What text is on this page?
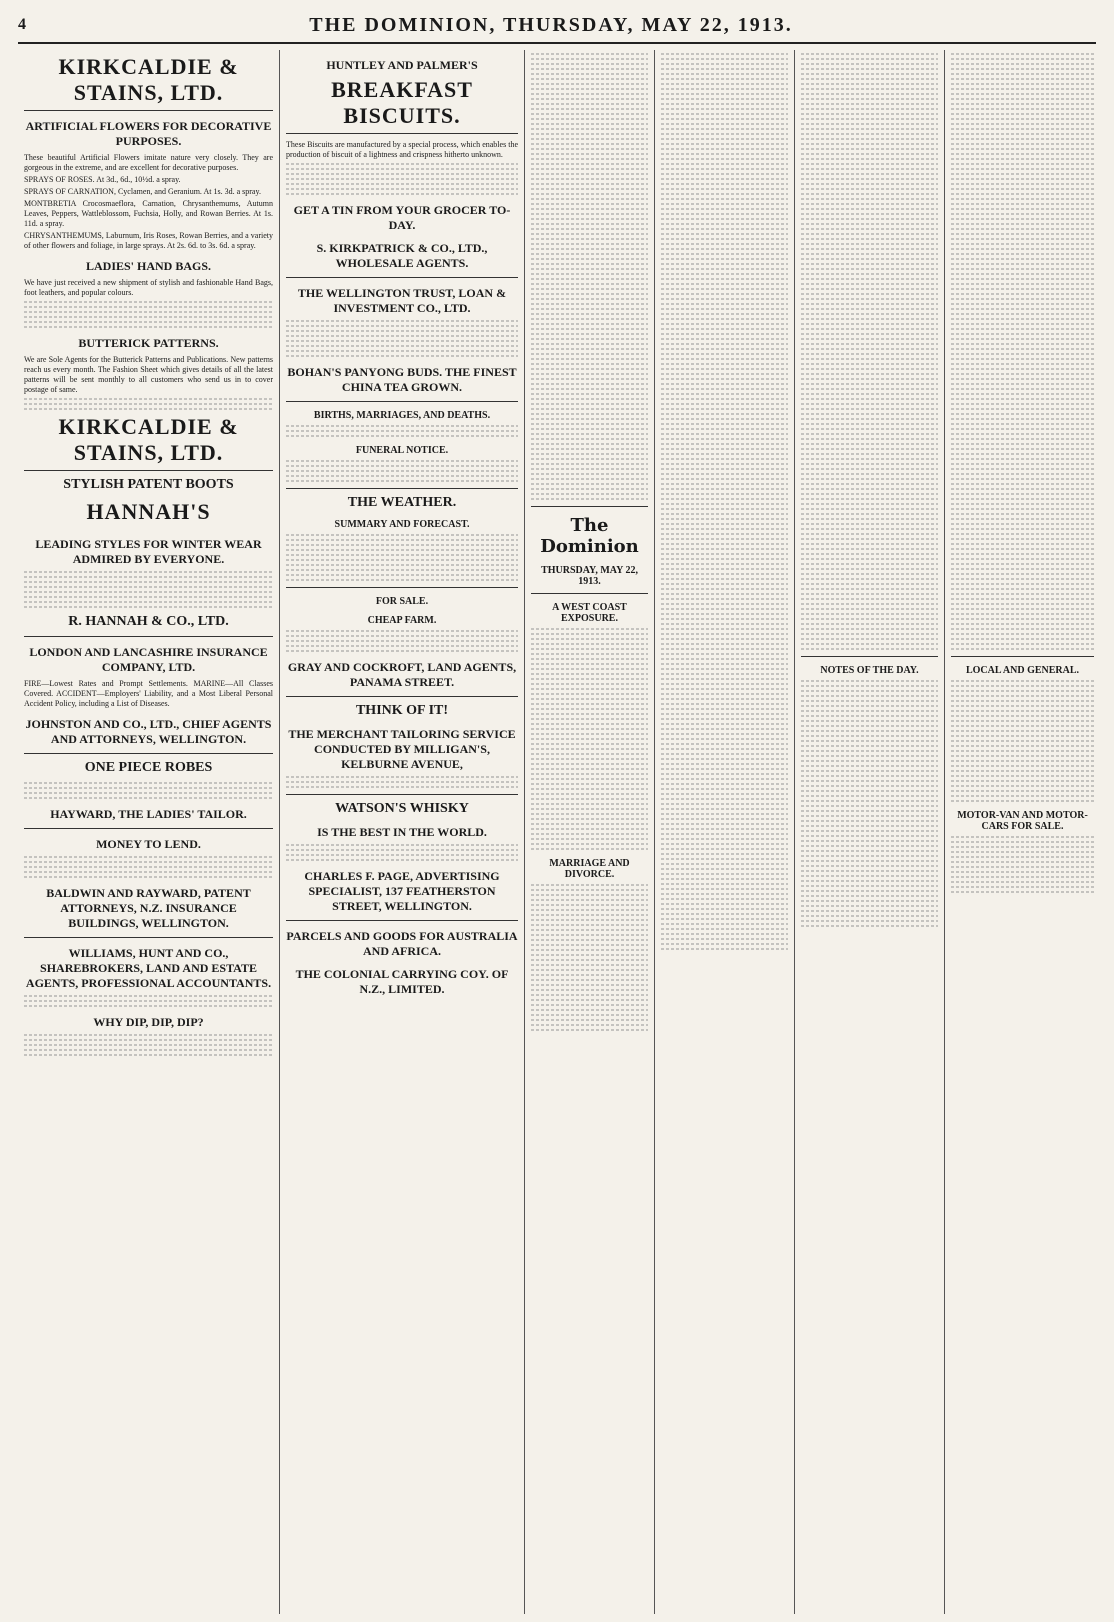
4	THE DOMINION, THURSDAY, MAY 22, 1913.
KIRKCALDIE & STAINS, LTD.
ARTIFICIAL FLOWERS FOR DECORATIVE PURPOSES.
These beautiful Artificial Flowers imitate nature very closely. They are gorgeous in the extreme, and are excellent for decorative purposes.
SPRAYS OF ROSES. At 3d., 6d., 10½d. a spray.
SPRAYS OF CARNATION, Cyclamen, and Geranium. At 1s. 3d. a spray.
MONTBRETIA Crocosmaeflora, Carnation, Chrysanthemums, Autumn Leaves, Peppers, Wattleblossom, Fuchsia, Holly, and Rowan Berries. At 1s. 11d. a spray.
CHRYSANTHEMUMS, Laburnum, Iris Roses, Rowan Berries, and a variety of other flowers and foliage, in large sprays. At 2s. 6d. to 3s. 6d. a spray.
LADIES' HAND BAGS.
We have just received a new shipment of stylish and fashionable Hand Bags, foot leathers, and popular colours.
BUTTERICK PATTERNS.
We are Sole Agents for the Butterick Patterns and Publications. New patterns reach us every month. The Fashion Sheet which gives details of all the latest patterns will be sent monthly to all customers who send us in to cover postage of same.
KIRKCALDIE & STAINS, LTD.
STYLISH PATENT BOOTS
HANNAH'S
LEADING STYLES FOR WINTER WEAR ADMIRED BY EVERYONE.
R. HANNAH & CO., LTD.
LONDON AND LANCASHIRE INSURANCE COMPANY, LTD.
FIRE—Lowest Rates and Prompt Settlements. MARINE—All Classes Covered. ACCIDENT—Employers' Liability, and a Most Liberal Personal Accident Policy, including a List of Diseases.
JOHNSTON AND CO., LTD., CHIEF AGENTS AND ATTORNEYS, WELLINGTON.
ONE PIECE ROBES
HAYWARD, THE LADIES' TAILOR.
MONEY TO LEND.
BALDWIN AND RAYWARD, PATENT ATTORNEYS, N.Z. INSURANCE BUILDINGS, WELLINGTON.
WILLIAMS, HUNT AND CO., SHAREBROKERS, LAND AND ESTATE AGENTS, PROFESSIONAL ACCOUNTANTS.
WHY DIP, DIP, DIP?
HUNTLEY AND PALMER'S
BREAKFAST BISCUITS.
These Biscuits are manufactured by a special process, which enables the production of biscuit of a lightness and crispness hitherto unknown.
GET A TIN FROM YOUR GROCER TO-DAY.
S. KIRKPATRICK & CO., LTD., WHOLESALE AGENTS.
THE WELLINGTON TRUST, LOAN & INVESTMENT CO., LTD.
BOHAN'S PANYONG BUDS. THE FINEST CHINA TEA GROWN.
BIRTHS, MARRIAGES, AND DEATHS.
FUNERAL NOTICE.
THE WEATHER.
SUMMARY AND FORECAST.
FOR SALE.
CHEAP FARM.
GRAY AND COCKROFT, LAND AGENTS, PANAMA STREET.
THINK OF IT!
THE MERCHANT TAILORING SERVICE CONDUCTED BY MILLIGAN'S, KELBURNE AVENUE,
WATSON'S WHISKY
IS THE BEST IN THE WORLD.
CHARLES F. PAGE, ADVERTISING SPECIALIST, 137 FEATHERSTON STREET, WELLINGTON.
PARCELS AND GOODS FOR AUSTRALIA AND AFRICA.
THE COLONIAL CARRYING COY. OF N.Z., LIMITED.
The Dominion
THURSDAY, MAY 22, 1913.
A WEST COAST EXPOSURE.
MARRIAGE AND DIVORCE.
NOTES OF THE DAY.	LOCAL AND GENERAL.
MOTOR-VAN AND MOTOR-CARS FOR SALE.
